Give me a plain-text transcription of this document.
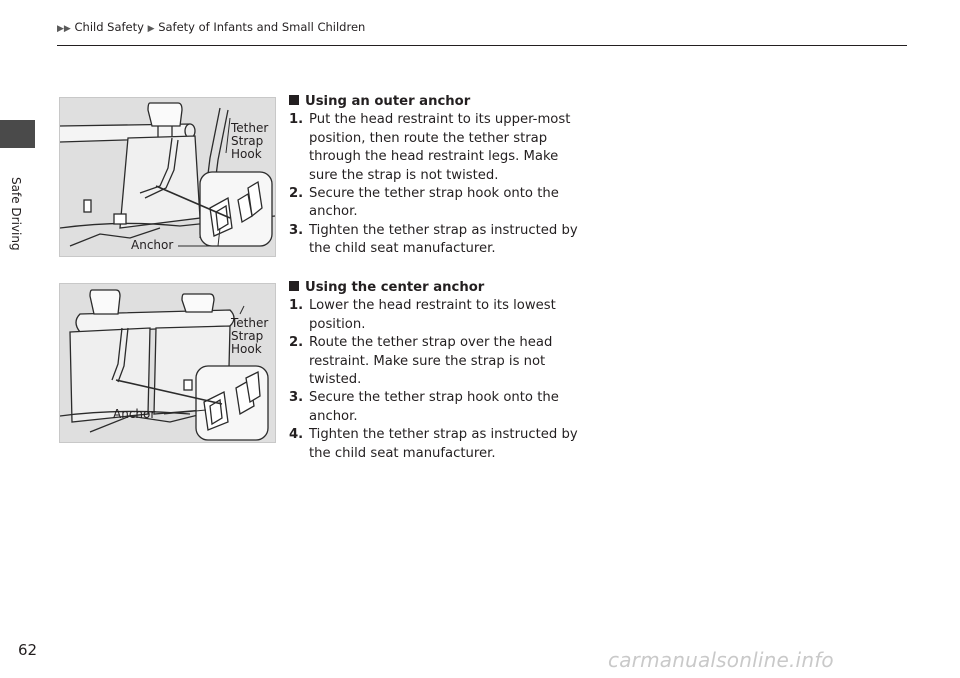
▶▶ Child Safety ▶ Safety of Infants and Small Children
Safe Driving
Tether Strap Hook
Anchor
Tether Strap Hook
Anchor
Using an outer anchor
1. Put the head restraint to its upper-most position, then route the tether strap through the head restraint legs. Make sure the strap is not twisted.
2. Secure the tether strap hook onto the anchor.
3. Tighten the tether strap as instructed by the child seat manufacturer.
Using the center anchor
1. Lower the head restraint to its lowest position.
2. Route the tether strap over the head restraint. Make sure the strap is not twisted.
3. Secure the tether strap hook onto the anchor.
4. Tighten the tether strap as instructed by the child seat manufacturer.
62	carmanualsonline.info
